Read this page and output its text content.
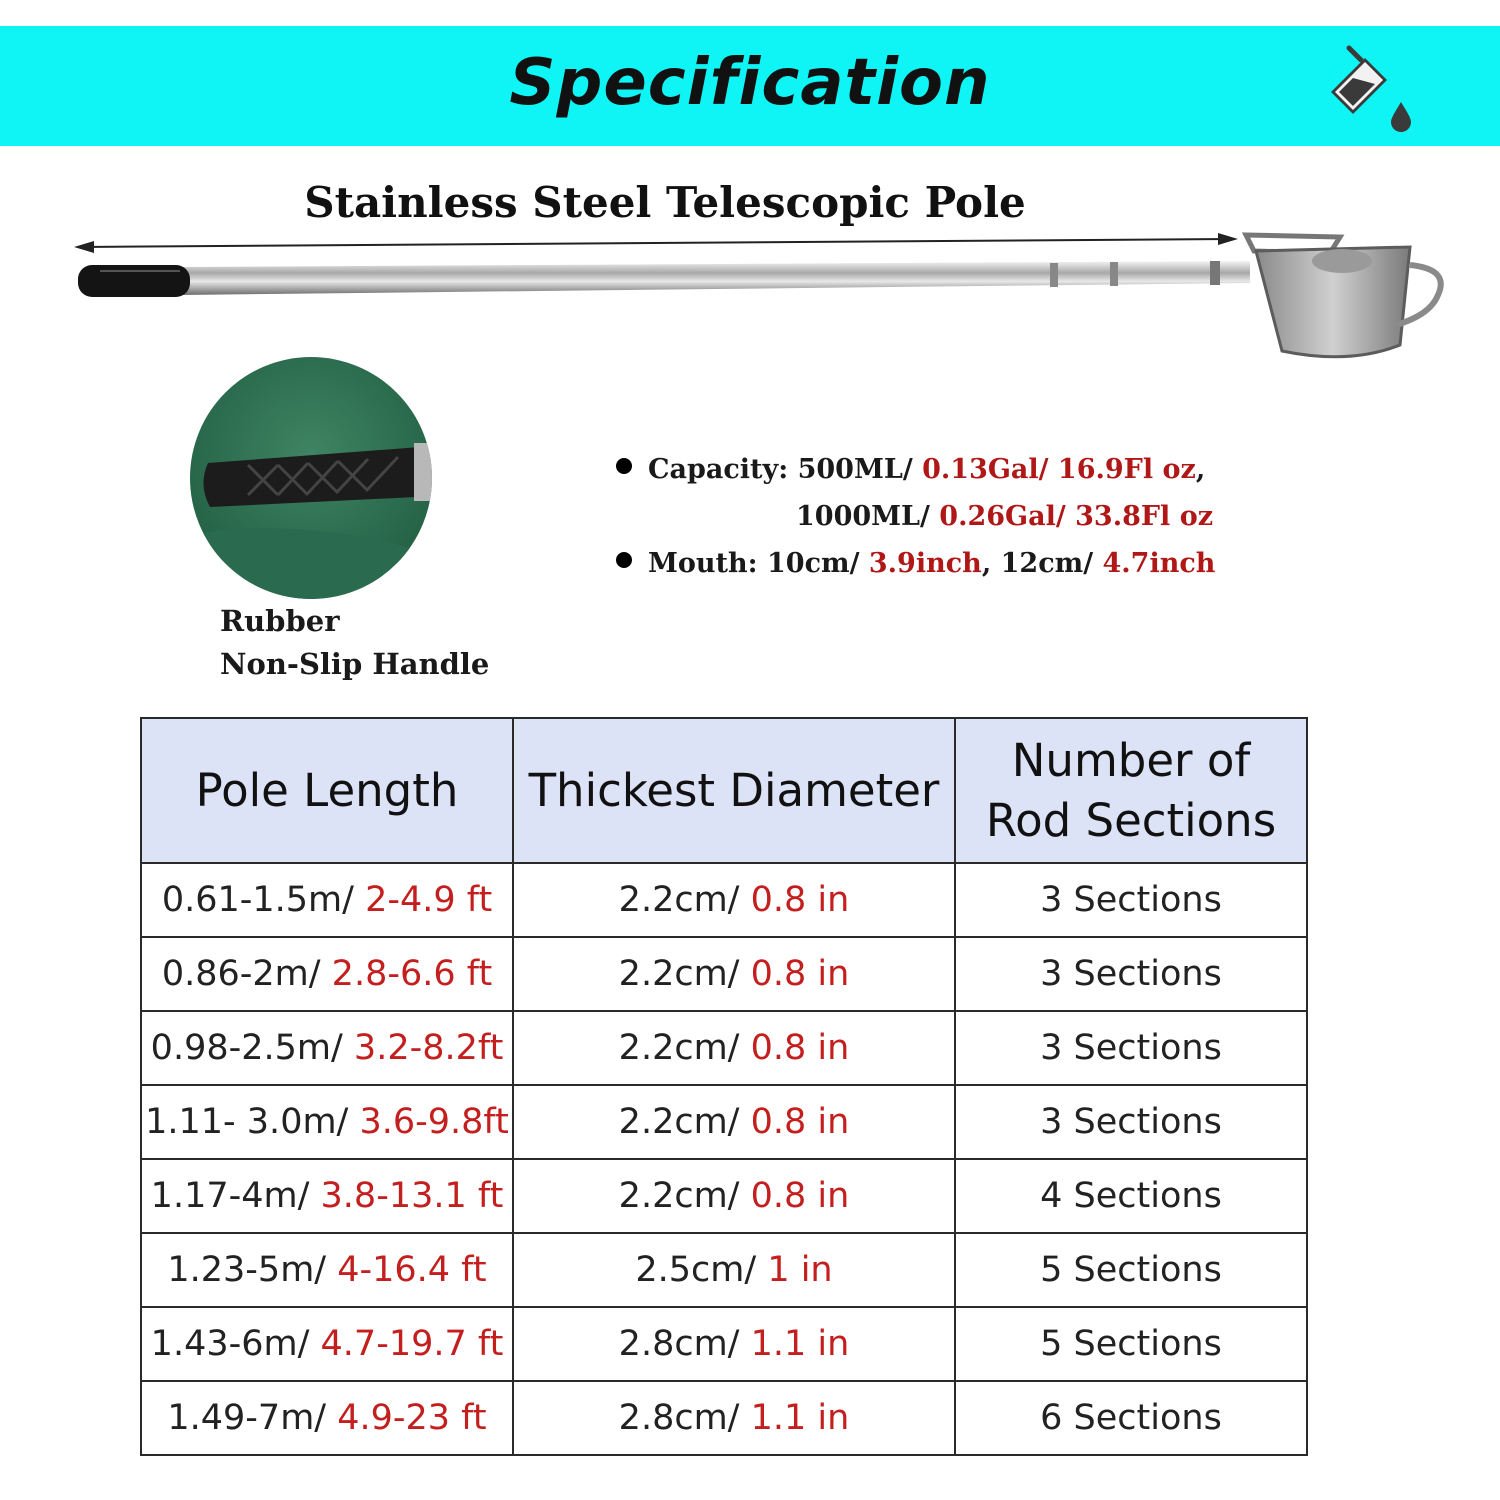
Specification
Stainless Steel Telescopic Pole
Rubber
Non-Slip Handle
Capacity: 500ML/ 0.13Gal/ 16.9Fl oz,
1000ML/ 0.26Gal/ 33.8Fl oz
Mouth: 10cm/ 3.9inch, 12cm/ 4.7inch
Pole Length	Thickest Diameter	Number of Rod Sections
0.61-1.5m/ 2-4.9 ft	2.2cm/ 0.8 in	3 Sections
0.86-2m/ 2.8-6.6 ft	2.2cm/ 0.8 in	3 Sections
0.98-2.5m/ 3.2-8.2ft	2.2cm/ 0.8 in	3 Sections
1.11- 3.0m/ 3.6-9.8ft	2.2cm/ 0.8 in	3 Sections
1.17-4m/ 3.8-13.1 ft	2.2cm/ 0.8 in	4 Sections
1.23-5m/ 4-16.4 ft	2.5cm/ 1 in	5 Sections
1.43-6m/ 4.7-19.7 ft	2.8cm/ 1.1 in	5 Sections
1.49-7m/ 4.9-23 ft	2.8cm/ 1.1 in	6 Sections
